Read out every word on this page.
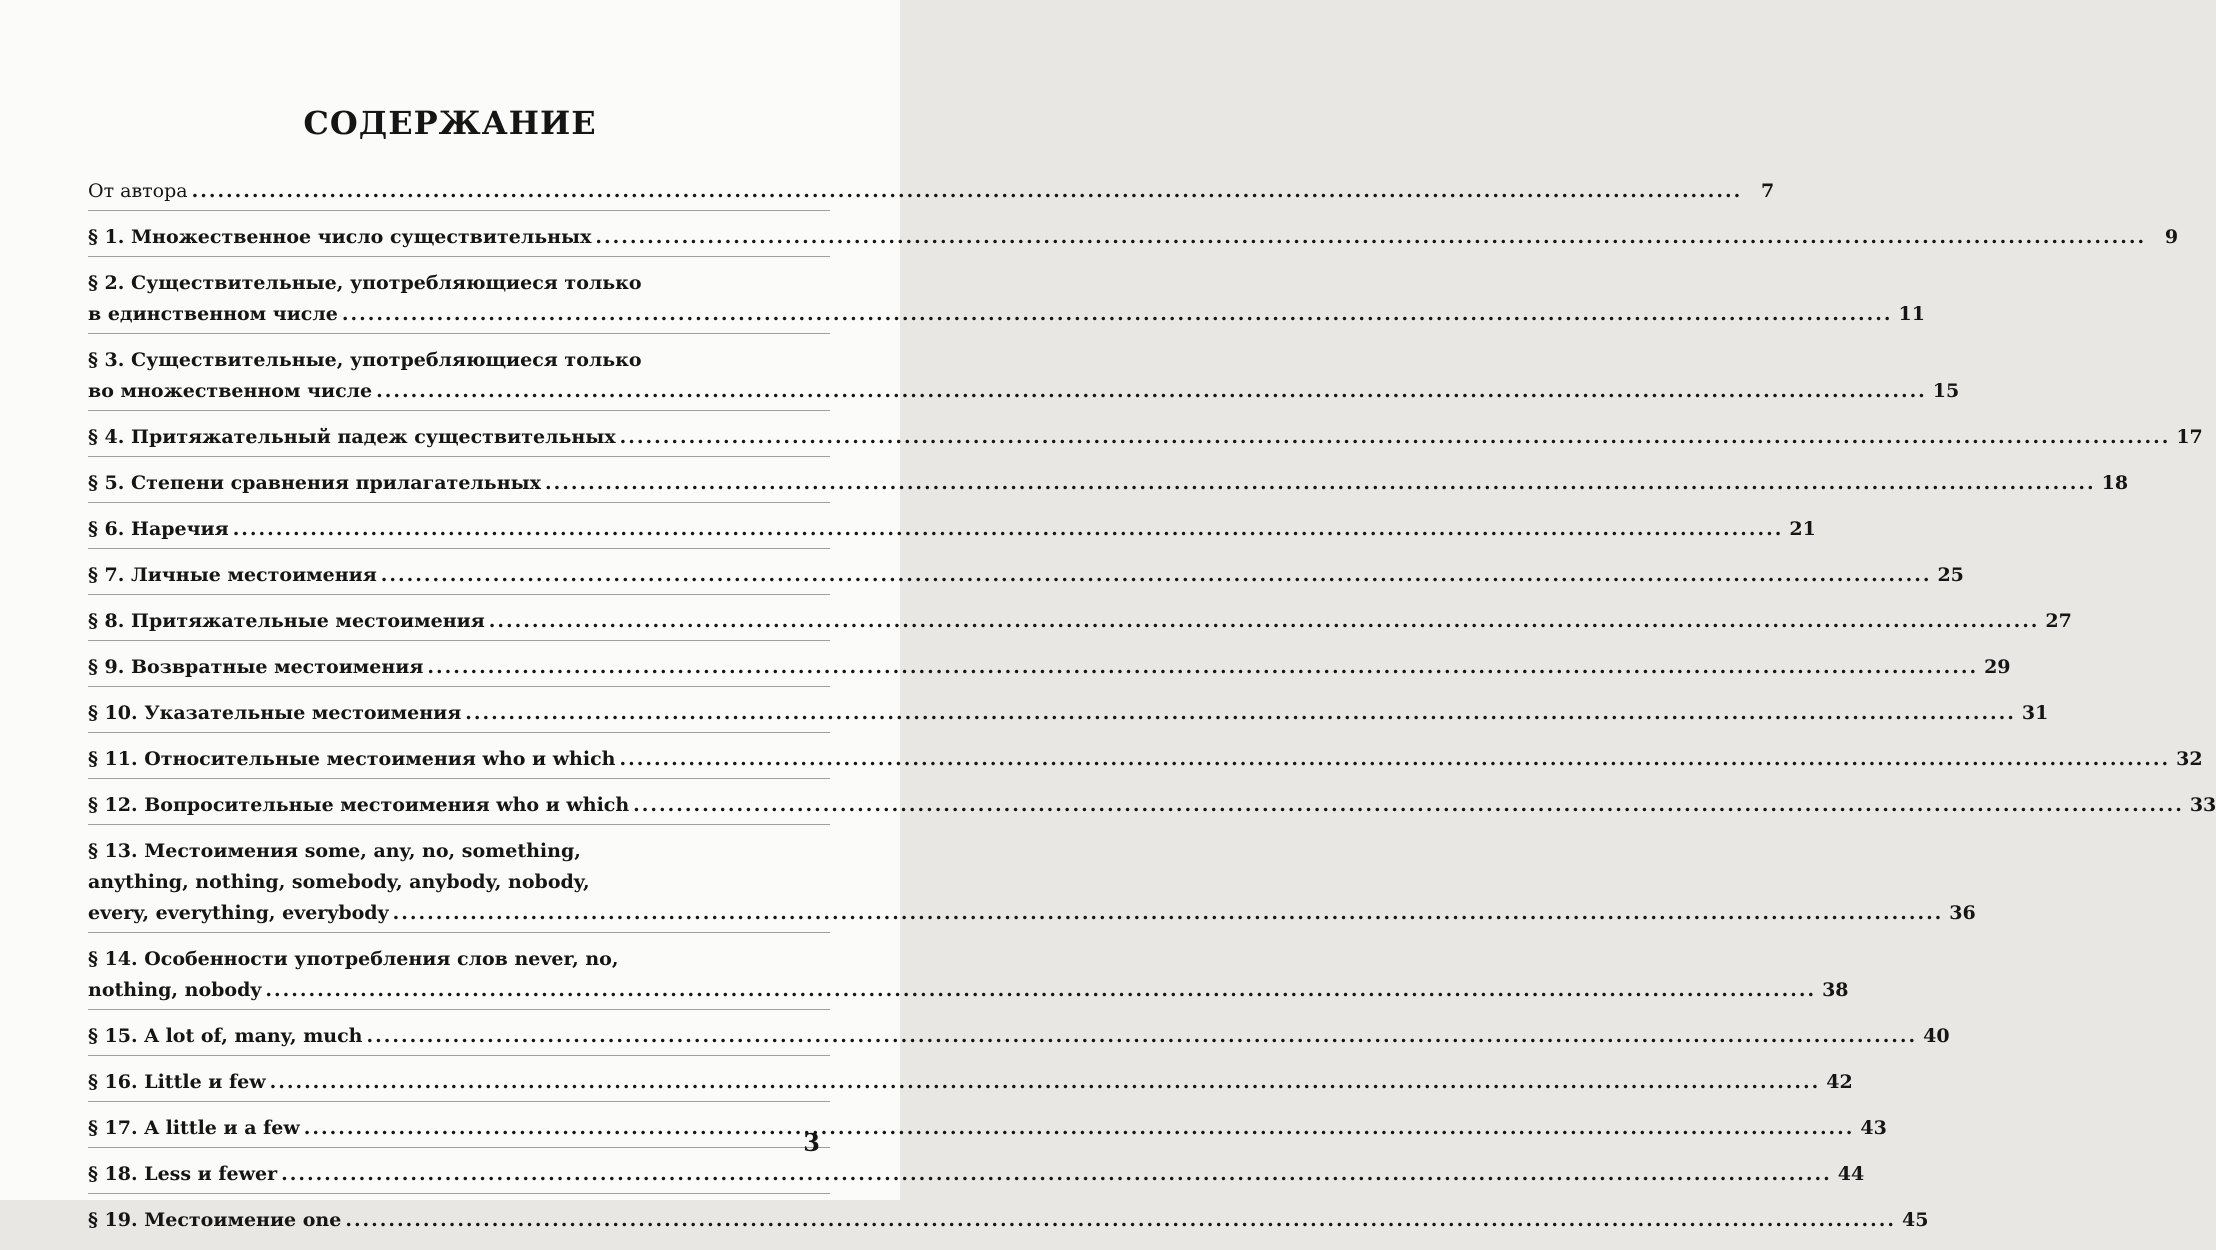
СОДЕРЖАНИЕ
От автора .....	7
§ 1. Множественное число существительных .....	9
§ 2. Существительные, употребляющиеся только
в единственном числе .....	11
§ 3. Существительные, употребляющиеся только
во множественном числе .....	15
§ 4. Притяжательный падеж существительных .....	17
§ 5. Степени сравнения прилагательных .....	18
§ 6. Наречия .....	21
§ 7. Личные местоимения .....	25
§ 8. Притяжательные местоимения .....	27
§ 9. Возвратные местоимения .....	29
§ 10. Указательные местоимения .....	31
§ 11. Относительные местоимения who и which .....	32
§ 12. Вопросительные местоимения who и which .....	33
§ 13. Местоимения some, any, no, something,
anything, nothing, somebody, anybody, nobody,
every, everything, everybody .....	36
§ 14. Особенности употребления слов never, no,
nothing, nobody .....	38
§ 15. A lot of, many, much .....	40
§ 16. Little и few .....	42
§ 17. A little и a few .....	43
§ 18. Less и fewer .....	44
§ 19. Местоимение one .....	45
3
